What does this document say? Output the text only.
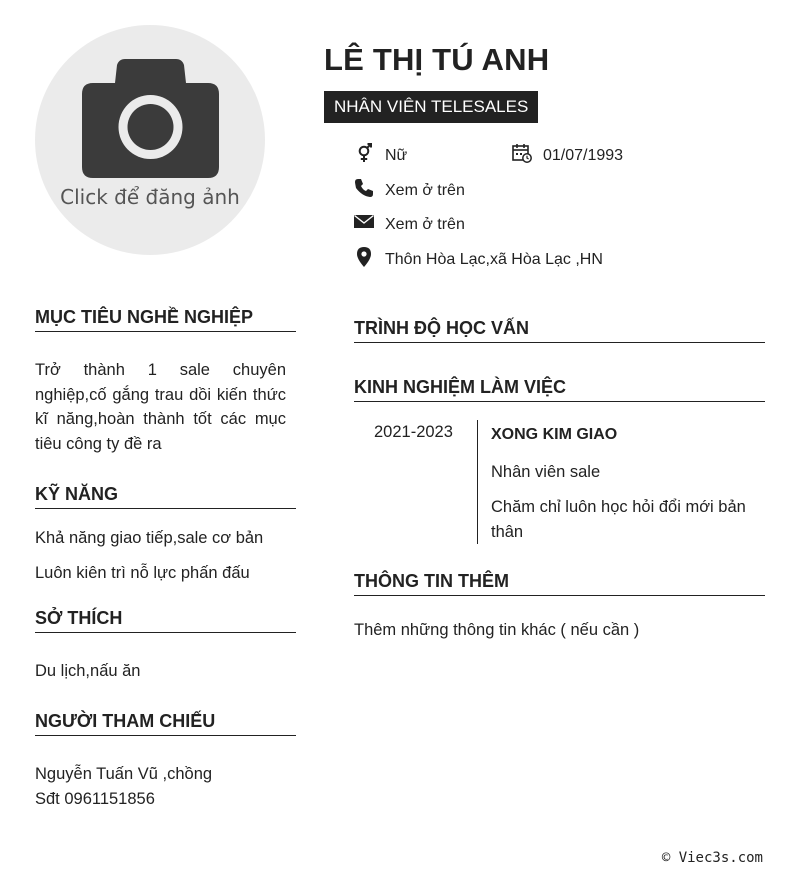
Click để đăng ảnh
LÊ THỊ TÚ ANH
NHÂN VIÊN TELESALES
Nữ	01/07/1993
Xem ở trên
Xem ở trên
Thôn Hòa Lạc,xã Hòa Lạc ,HN
MỤC TIÊU NGHỀ NGHIỆP
Trở thành 1 sale chuyên nghiệp,cố gắng trau dồi kiến thức kĩ năng,hoàn thành tốt các mục tiêu công ty đề ra
KỸ NĂNG
Khả năng giao tiếp,sale cơ bản
Luôn kiên trì nỗ lực phấn đấu
SỞ THÍCH
Du lịch,nấu ăn
NGƯỜI THAM CHIẾU
Nguyễn Tuấn Vũ ,chồng
Sđt 0961151856
TRÌNH ĐỘ HỌC VẤN
KINH NGHIỆM LÀM VIỆC
2021-2023 XONG KIM GIAO
Nhân viên sale
Chăm chỉ luôn học hỏi đổi mới bản thân
THÔNG TIN THÊM
Thêm những thông tin khác ( nếu cần )
© Viec3s.com
